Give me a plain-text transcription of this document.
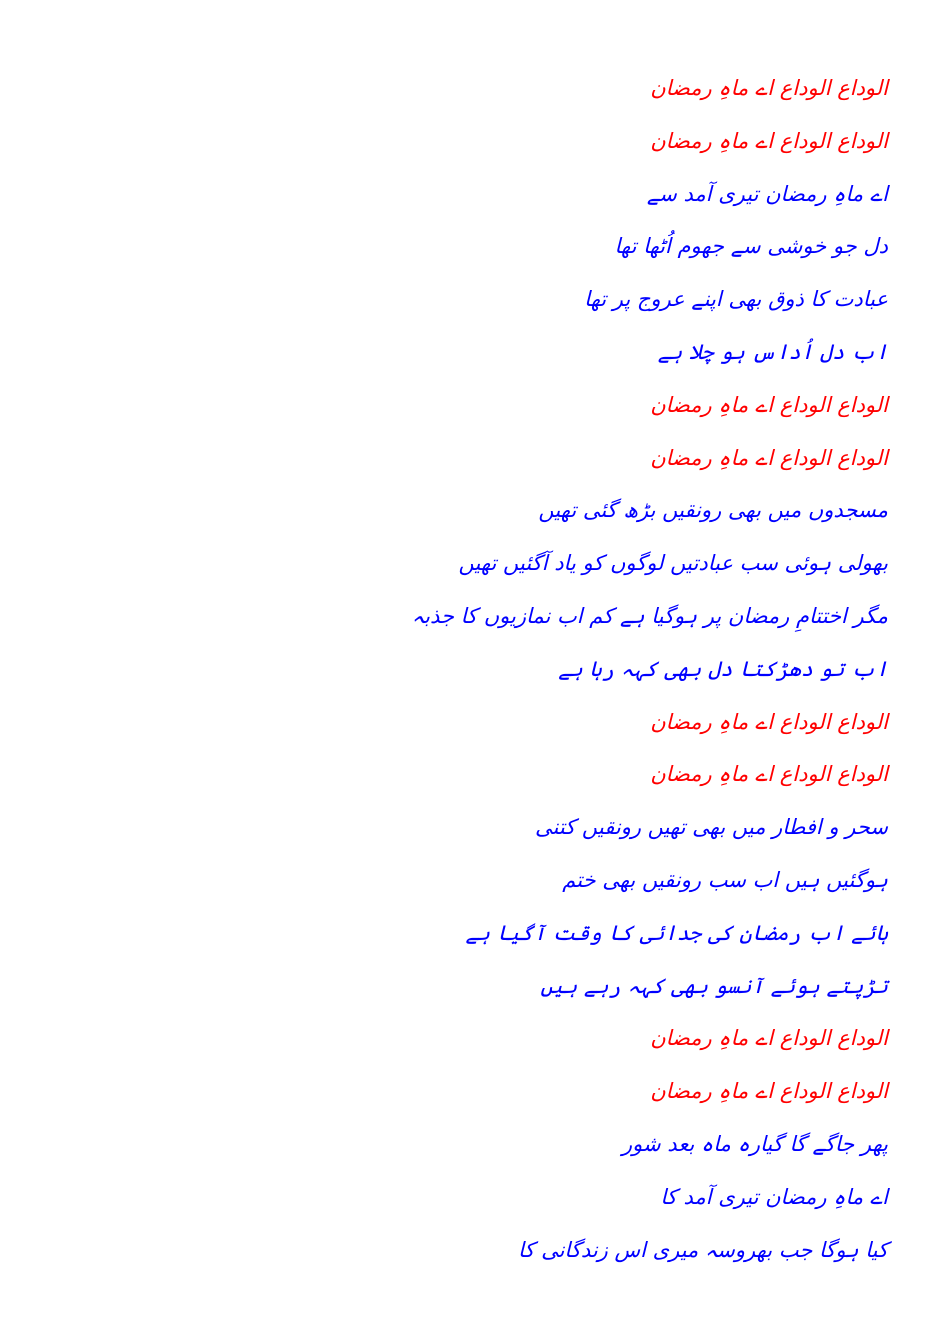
الوداع الوداع اے ماہِ رمضان
الوداع الوداع اے ماہِ رمضان
اے ماہِ رمضان تیری آمد سے
دل جو خوشی سے جھوم اُٹھا تھا
عبادت کا ذوق بھی اپنے عروج پر تھا
اب دل اُداس ہو چلا ہے
الوداع الوداع اے ماہِ رمضان
الوداع الوداع اے ماہِ رمضان
مسجدوں میں بھی رونقیں بڑھ گئی تھیں
بھولی ہوئی سب عبادتیں لوگوں کو یاد آگئیں تھیں
مگر اختتامِ رمضان پر ہوگیا ہے کم اب نمازیوں کا جذبہ
اب تو دھڑکتا دل بھی کہہ رہا ہے
الوداع الوداع اے ماہِ رمضان
الوداع الوداع اے ماہِ رمضان
سحر و افطار میں بھی تھیں رونقیں کتنی
ہوگئیں ہیں اب سب رونقیں بھی ختم
ہائے اب رمضان کی جدائی کا وقت آگیا ہے
تڑپتے ہوئے آنسو بھی کہہ رہے ہیں
الوداع الوداع اے ماہِ رمضان
الوداع الوداع اے ماہِ رمضان
پھر جاگے گا گیارہ ماہ بعد شور
اے ماہِ رمضان تیری آمد کا
کیا ہوگا جب بھروسہ میری اس زندگانی کا
